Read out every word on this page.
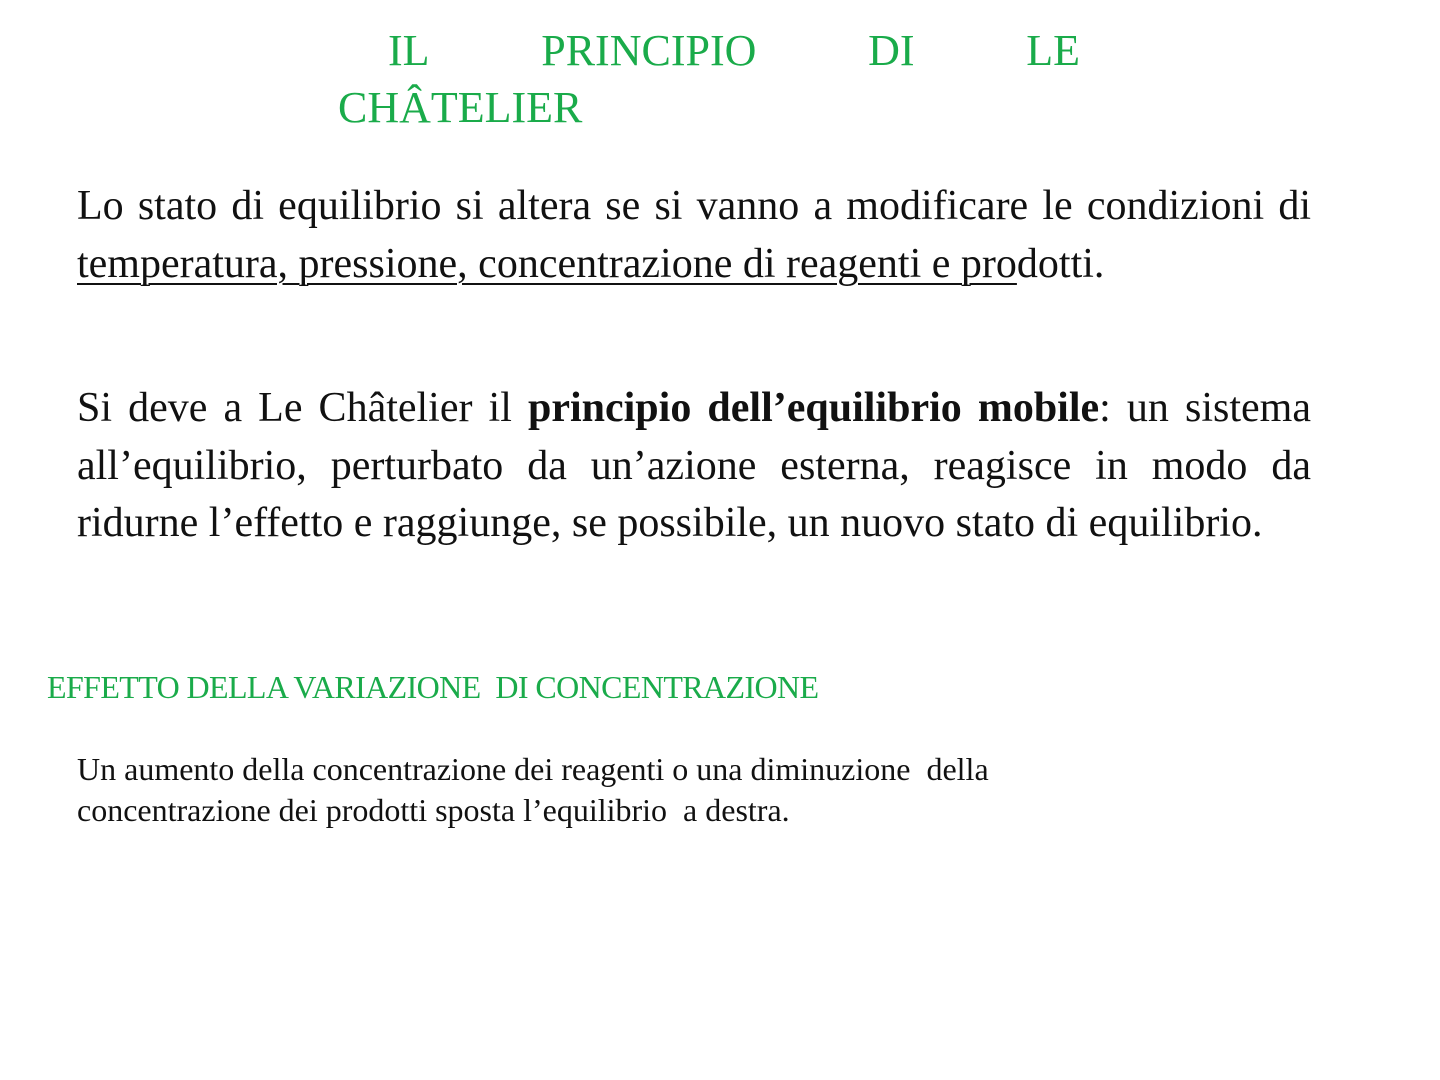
IL	PRINCIPIO	DI	LE
CHÂTELIER

Lo stato di equilibrio si altera se si vanno a modificare le condizioni di temperatura, pressione, concentrazione di reagenti e prodotti.

Si deve a Le Châtelier il principio dell’equilibrio mobile: un sistema all’equilibrio, perturbato da un’azione esterna, reagisce in modo da ridurne l’effetto e raggiunge, se possibile, un nuovo stato di equilibrio.

EFFETTO DELLA VARIAZIONE  DI CONCENTRAZIONE

Un aumento della concentrazione dei reagenti o una diminuzione  della
concentrazione dei prodotti sposta l’equilibrio  a destra.
